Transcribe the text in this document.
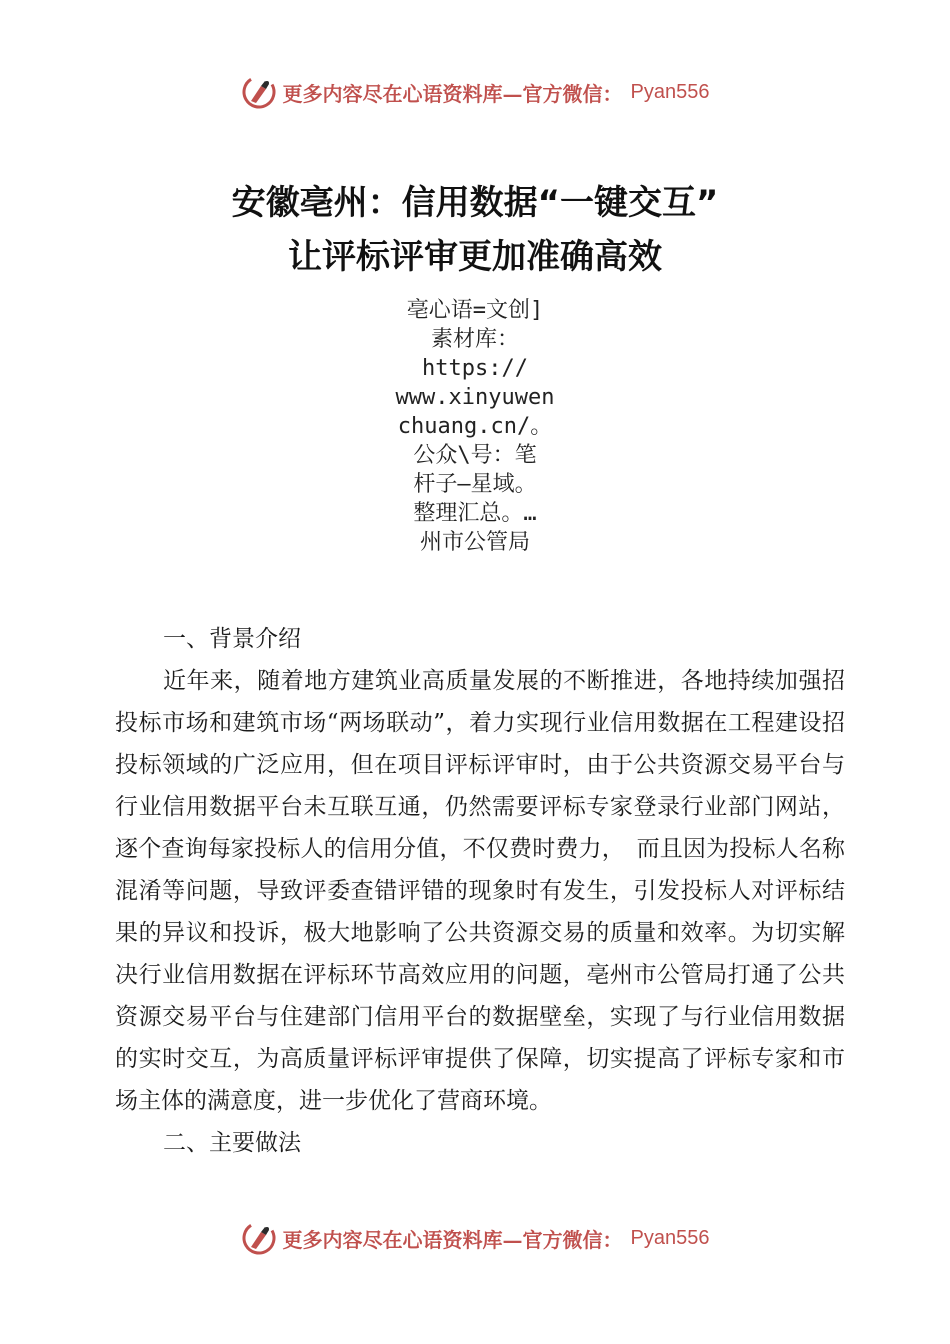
更多内容尽在心语资料库—官方微信： Pyan556
安徽亳州：信用数据“一键交互”
让评标评审更加准确高效
亳心语=文创]
素材库：
https://
www.xinyuwen
chuang.cn/。
公众\号：笔
杆子—星域。
整理汇总。…
州市公管局

一、背景介绍

近年来，随着地方建筑业高质量发展的不断推进，各地持续加强招投标市场和建筑市场“两场联动”，着力实现行业信用数据在工程建设招投标领域的广泛应用，但在项目评标评审时，由于公共资源交易平台与行业信用数据平台未互联互通，仍然需要评标专家登录行业部门网站，逐个查询每家投标人的信用分值，不仅费时费力，　而且因为投标人名称混淆等问题，导致评委查错评错的现象时有发生，引发投标人对评标结果的异议和投诉，极大地影响了公共资源交易的质量和效率。为切实解决行业信用数据在评标环节高效应用的问题，亳州市公管局打通了公共资源交易平台与住建部门信用平台的数据壁垒，实现了与行业信用数据的实时交互，为高质量评标评审提供了保障，切实提高了评标专家和市场主体的满意度，进一步优化了营商环境。

二、主要做法

更多内容尽在心语资料库—官方微信： Pyan556
